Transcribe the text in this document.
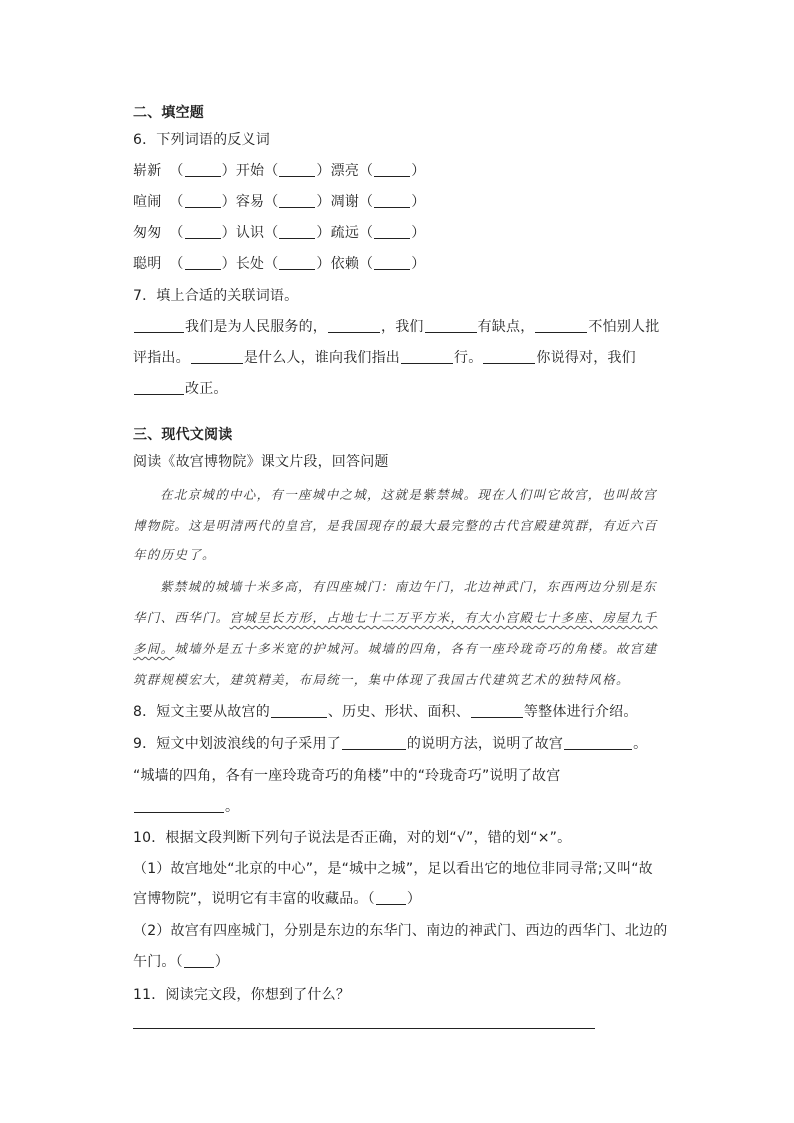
二、填空题
6．下列词语的反义词
崭新 （	）开始（	）漂亮（	）
喧闹 （	）容易（	）凋谢（	）
匆匆 （	）认识（	）疏远（	）
聪明 （	）长处（	）依赖（	）
7．填上合适的关联词语。
我们是为人民服务的，	，我们	有缺点，	不怕别人批
评指出。	是什么人，谁向我们指出	行。	你说得对，我们
改正。
三、现代文阅读
阅读《故宫博物院》课文片段，回答问题
在北京城的中心，有一座城中之城，这就是紫禁城。现在人们叫它故宫，也叫故宫
博物院。这是明清两代的皇宫，是我国现存的最大最完整的古代宫殿建筑群，有近六百
年的历史了。
紫禁城的城墙十米多高，有四座城门：南边午门，北边神武门，东西两边分别是东
华门、西华门。宫城呈长方形，占地七十二万平方米，有大小宫殿七十多座、房屋九千
多间。城墙外是五十多米宽的护城河。城墙的四角，各有一座玲珑奇巧的角楼。故宫建
筑群规模宏大，建筑精美，布局统一，集中体现了我国古代建筑艺术的独特风格。
8．短文主要从故宫的	、历史、形状、面积、	等整体进行介绍。
9．短文中划波浪线的句子采用了	的说明方法，说明了故宫	。
“城墙的四角，各有一座玲珑奇巧的角楼”中的“玲珑奇巧”说明了故宫
。
10．根据文段判断下列句子说法是否正确，对的划“√”，错的划“×”。
（1）故宫地处“北京的中心”，是“城中之城”，足以看出它的地位非同寻常;又叫“故
宫博物院”，说明它有丰富的收藏品。（ ）
（2）故宫有四座城门，分别是东边的东华门、南边的神武门、西边的西华门、北边的
午门。（ ）
11．阅读完文段，你想到了什么？
